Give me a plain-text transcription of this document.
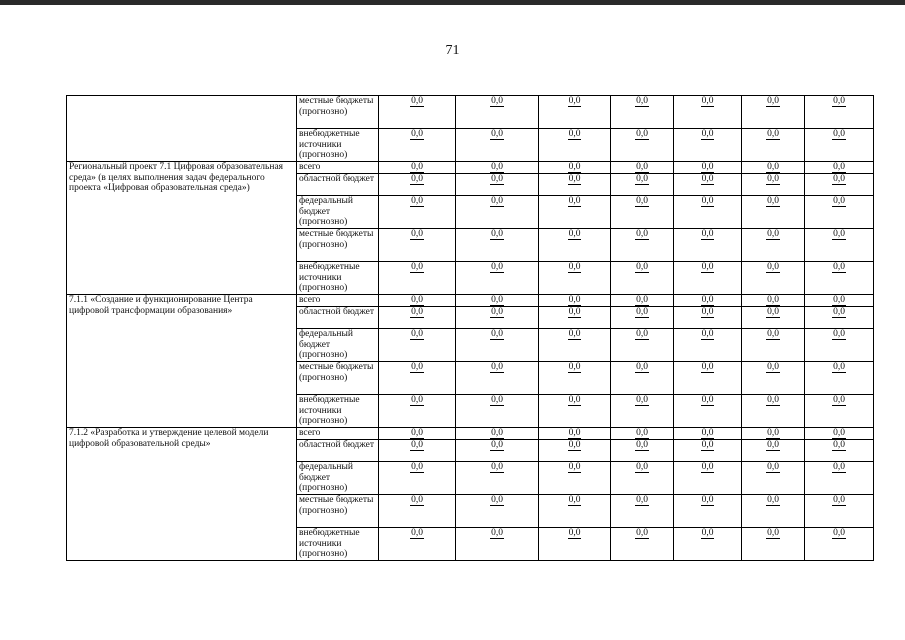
71
	местные бюджеты (прогнозно)	0,0	0,0	0,0	0,0	0,0	0,0	0,0
	внебюджетные источники (прогнозно)	0,0	0,0	0,0	0,0	0,0	0,0	0,0
Региональный проект 7.1 Цифровая образовательная среда» (в целях выполнения задач федерального проекта «Цифровая образовательная среда»)	всего	0,0	0,0	0,0	0,0	0,0	0,0	0,0
	областной бюджет	0,0	0,0	0,0	0,0	0,0	0,0	0,0
	федеральный бюджет (прогнозно)	0,0	0,0	0,0	0,0	0,0	0,0	0,0
	местные бюджеты (прогнозно)	0,0	0,0	0,0	0,0	0,0	0,0	0,0
	внебюджетные источники (прогнозно)	0,0	0,0	0,0	0,0	0,0	0,0	0,0
7.1.1 «Создание и функционирование Центра цифровой трансформации образования»	всего	0,0	0,0	0,0	0,0	0,0	0,0	0,0
	областной бюджет	0,0	0,0	0,0	0,0	0,0	0,0	0,0
	федеральный бюджет (прогнозно)	0,0	0,0	0,0	0,0	0,0	0,0	0,0
	местные бюджеты (прогнозно)	0,0	0,0	0,0	0,0	0,0	0,0	0,0
	внебюджетные источники (прогнозно)	0,0	0,0	0,0	0,0	0,0	0,0	0,0
7.1.2 «Разработка и утверждение целевой модели цифровой образовательной среды»	всего	0,0	0,0	0,0	0,0	0,0	0,0	0,0
	областной бюджет	0,0	0,0	0,0	0,0	0,0	0,0	0,0
	федеральный бюджет (прогнозно)	0,0	0,0	0,0	0,0	0,0	0,0	0,0
	местные бюджеты (прогнозно)	0,0	0,0	0,0	0,0	0,0	0,0	0,0
	внебюджетные источники (прогнозно)	0,0	0,0	0,0	0,0	0,0	0,0	0,0
